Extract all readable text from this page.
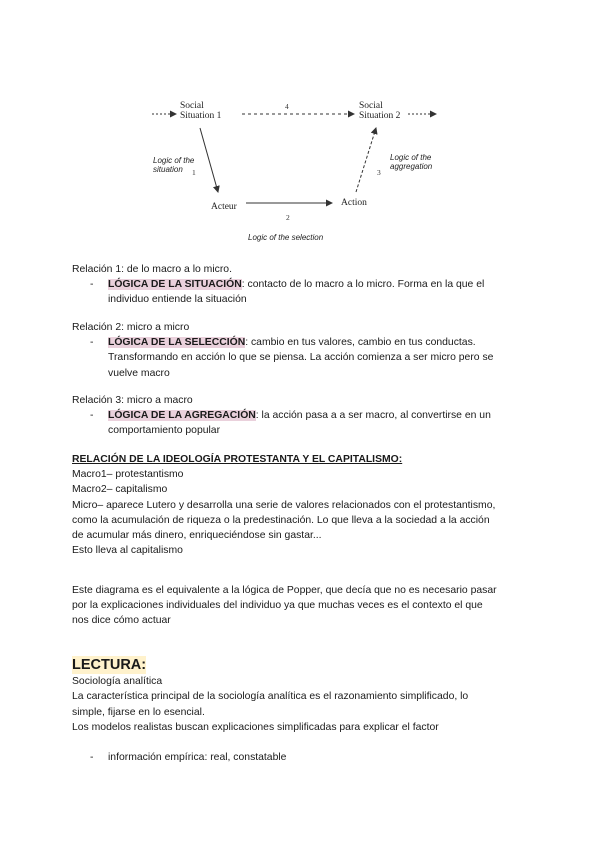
Social
Situation 1
Social
Situation 2
Acteur	Action
4
1
2
3
Logic of the
situation
Logic of the
aggregation
Logic of the selection

Relación 1: de lo macro a lo micro.

- LÓGICA DE LA SITUACIÓN: contacto de lo macro a lo micro. Forma en la que el

individuo entiende la situación

Relación 2: micro a micro

- LÓGICA DE LA SELECCIÓN: cambio en tus valores, cambio en tus conductas.

Transformando en acción lo que se piensa. La acción comienza a ser micro pero se

vuelve macro

Relación 3: micro a macro

- LÓGICA DE LA AGREGACIÓN: la acción pasa a a ser macro, al convertirse en un

comportamiento popular

RELACIÓN DE LA IDEOLOGÍA PROTESTANTA Y EL CAPITALISMO:

Macro1– protestantismo

Macro2– capitalismo

Micro– aparece Lutero y desarrolla una serie de valores relacionados con el protestantismo,

como la acumulación de riqueza o la predestinación. Lo que lleva a la sociedad a la acción

de acumular más dinero, enriqueciéndose sin gastar...

Esto lleva al capitalismo

Este diagrama es el equivalente a la lógica de Popper, que decía que no es necesario pasar

por la explicaciones individuales del individuo ya que muchas veces es el contexto el que

nos dice cómo actuar

LECTURA:

Sociología analítica

La característica principal de la sociología analítica es el razonamiento simplificado, lo

simple, fijarse en lo esencial.

Los modelos realistas buscan explicaciones simplificadas para explicar el factor

- información empírica: real, constatable
